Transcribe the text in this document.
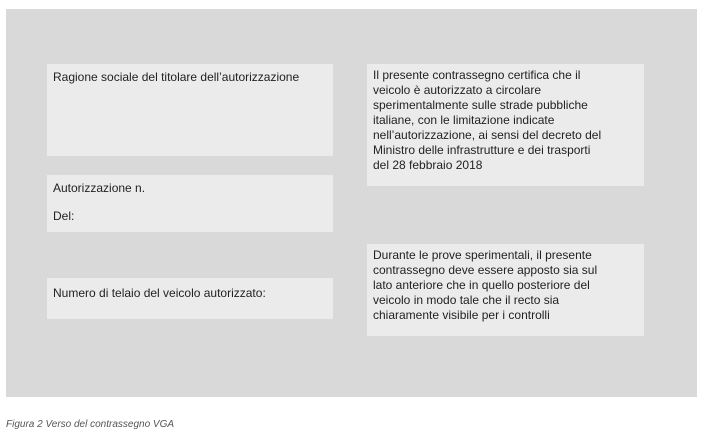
Ragione sociale del titolare dell’autorizzazione
Autorizzazione n.
Del:
Numero di telaio del veicolo autorizzato:
Il presente contrassegno certifica che il
veicolo è autorizzato a circolare
sperimentalmente sulle strade pubbliche
italiane, con le limitazione indicate
nell’autorizzazione, ai sensi del decreto del
Ministro delle infrastrutture e dei trasporti
del 28 febbraio 2018
Durante le prove sperimentali, il presente
contrassegno deve essere apposto sia sul
lato anteriore che in quello posteriore del
veicolo in modo tale che il recto sia
chiaramente visibile per i controlli
Figura 2 Verso del contrassegno VGA
